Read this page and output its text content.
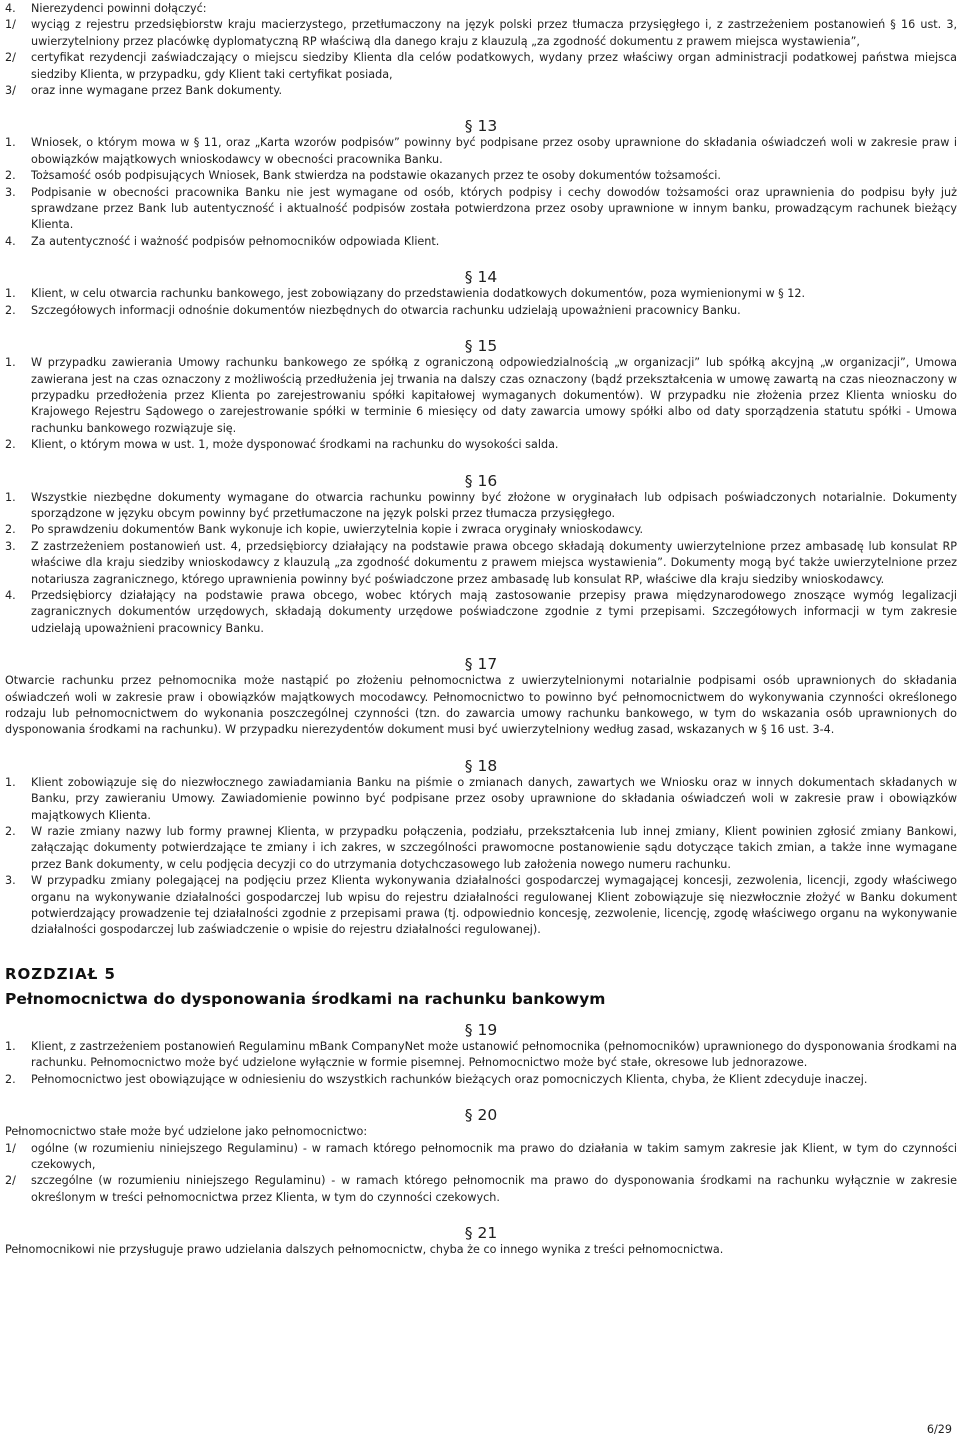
4. Nierezydenci powinni dołączyć:
1/ wyciąg z rejestru przedsiębiorstw kraju macierzystego, przetłumaczony na język polski przez tłumacza przysięgłego i, z zastrzeżeniem postanowień § 16 ust. 3, uwierzytelniony przez placówkę dyplomatyczną RP właściwą dla danego kraju z klauzulą „za zgodność dokumentu z prawem miejsca wystawienia”,
2/ certyfikat rezydencji zaświadczający o miejscu siedziby Klienta dla celów podatkowych, wydany przez właściwy organ administracji podatkowej państwa miejsca siedziby Klienta, w przypadku, gdy Klient taki certyfikat posiada,
3/ oraz inne wymagane przez Bank dokumenty.
§ 13
1. Wniosek, o którym mowa w § 11, oraz „Karta wzorów podpisów” powinny być podpisane przez osoby uprawnione do składania oświadczeń woli w zakresie praw i obowiązków majątkowych wnioskodawcy w obecności pracownika Banku.
2. Tożsamość osób podpisujących Wniosek, Bank stwierdza na podstawie okazanych przez te osoby dokumentów tożsamości.
3. Podpisanie w obecności pracownika Banku nie jest wymagane od osób, których podpisy i cechy dowodów tożsamości oraz uprawnienia do podpisu były już sprawdzane przez Bank lub autentyczność i aktualność podpisów została potwierdzona przez osoby uprawnione w innym banku, prowadzącym rachunek bieżący Klienta.
4. Za autentyczność i ważność podpisów pełnomocników odpowiada Klient.
§ 14
1. Klient, w celu otwarcia rachunku bankowego, jest zobowiązany do przedstawienia dodatkowych dokumentów, poza wymienionymi w § 12.
2. Szczegółowych informacji odnośnie dokumentów niezbędnych do otwarcia rachunku udzielają upoważnieni pracownicy Banku.
§ 15
1. W przypadku zawierania Umowy rachunku bankowego ze spółką z ograniczoną odpowiedzialnością „w organizacji” lub spółką akcyjną „w organizacji”, Umowa zawierana jest na czas oznaczony z możliwością przedłużenia jej trwania na dalszy czas oznaczony (bądź przekształcenia w umowę zawartą na czas nieoznaczony w przypadku przedłożenia przez Klienta po zarejestrowaniu spółki kapitałowej wymaganych dokumentów). W przypadku nie złożenia przez Klienta wniosku do Krajowego Rejestru Sądowego o zarejestrowanie spółki w terminie 6 miesięcy od daty zawarcia umowy spółki albo od daty sporządzenia statutu spółki - Umowa rachunku bankowego rozwiązuje się.
2. Klient, o którym mowa w ust. 1, może dysponować środkami na rachunku do wysokości salda.
§ 16
1. Wszystkie niezbędne dokumenty wymagane do otwarcia rachunku powinny być złożone w oryginałach lub odpisach poświadczonych notarialnie. Dokumenty sporządzone w języku obcym powinny być przetłumaczone na język polski przez tłumacza przysięgłego.
2. Po sprawdzeniu dokumentów Bank wykonuje ich kopie, uwierzytelnia kopie i zwraca oryginały wnioskodawcy.
3. Z zastrzeżeniem postanowień ust. 4, przedsiębiorcy działający na podstawie prawa obcego składają dokumenty uwierzytelnione przez ambasadę lub konsulat RP właściwe dla kraju siedziby wnioskodawcy z klauzulą „za zgodność dokumentu z prawem miejsca wystawienia”. Dokumenty mogą być także uwierzytelnione przez notariusza zagranicznego, którego uprawnienia powinny być poświadczone przez ambasadę lub konsulat RP, właściwe dla kraju siedziby wnioskodawcy.
4. Przedsiębiorcy działający na podstawie prawa obcego, wobec których mają zastosowanie przepisy prawa międzynarodowego znoszące wymóg legalizacji zagranicznych dokumentów urzędowych, składają dokumenty urzędowe poświadczone zgodnie z tymi przepisami. Szczegółowych informacji w tym zakresie udzielają upoważnieni pracownicy Banku.
§ 17
Otwarcie rachunku przez pełnomocnika może nastąpić po złożeniu pełnomocnictwa z uwierzytelnionymi notarialnie podpisami osób uprawnionych do składania oświadczeń woli w zakresie praw i obowiązków majątkowych mocodawcy. Pełnomocnictwo to powinno być pełnomocnictwem do wykonywania czynności określonego rodzaju lub pełnomocnictwem do wykonania poszczególnej czynności (tzn. do zawarcia umowy rachunku bankowego, w tym do wskazania osób uprawnionych do dysponowania środkami na rachunku). W przypadku nierezydentów dokument musi być uwierzytelniony według zasad, wskazanych w § 16 ust. 3-4.
§ 18
1. Klient zobowiązuje się do niezwłocznego zawiadamiania Banku na piśmie o zmianach danych, zawartych we Wniosku oraz w innych dokumentach składanych w Banku, przy zawieraniu Umowy. Zawiadomienie powinno być podpisane przez osoby uprawnione do składania oświadczeń woli w zakresie praw i obowiązków majątkowych Klienta.
2. W razie zmiany nazwy lub formy prawnej Klienta, w przypadku połączenia, podziału, przekształcenia lub innej zmiany, Klient powinien zgłosić zmiany Bankowi, załączając dokumenty potwierdzające te zmiany i ich zakres, w szczególności prawomocne postanowienie sądu dotyczące takich zmian, a także inne wymagane przez Bank dokumenty, w celu podjęcia decyzji co do utrzymania dotychczasowego lub założenia nowego numeru rachunku.
3. W przypadku zmiany polegającej na podjęciu przez Klienta wykonywania działalności gospodarczej wymagającej koncesji, zezwolenia, licencji, zgody właściwego organu na wykonywanie działalności gospodarczej lub wpisu do rejestru działalności regulowanej Klient zobowiązuje się niezwłocznie złożyć w Banku dokument potwierdzający prowadzenie tej działalności zgodnie z przepisami prawa (tj. odpowiednio koncesję, zezwolenie, licencję, zgodę właściwego organu na wykonywanie działalności gospodarczej lub zaświadczenie o wpisie do rejestru działalności regulowanej).
ROZDZIAŁ 5
Pełnomocnictwa do dysponowania środkami na rachunku bankowym
§ 19
1. Klient, z zastrzeżeniem postanowień Regulaminu mBank CompanyNet może ustanowić pełnomocnika (pełnomocników) uprawnionego do dysponowania środkami na rachunku. Pełnomocnictwo może być udzielone wyłącznie w formie pisemnej. Pełnomocnictwo może być stałe, okresowe lub jednorazowe.
2. Pełnomocnictwo jest obowiązujące w odniesieniu do wszystkich rachunków bieżących oraz pomocniczych Klienta, chyba, że Klient zdecyduje inaczej.
§ 20
Pełnomocnictwo stałe może być udzielone jako pełnomocnictwo:
1/ ogólne (w rozumieniu niniejszego Regulaminu) - w ramach którego pełnomocnik ma prawo do działania w takim samym zakresie jak Klient, w tym do czynności czekowych,
2/ szczególne (w rozumieniu niniejszego Regulaminu) - w ramach którego pełnomocnik ma prawo do dysponowania środkami na rachunku wyłącznie w zakresie określonym w treści pełnomocnictwa przez Klienta, w tym do czynności czekowych.
§ 21
Pełnomocnikowi nie przysługuje prawo udzielania dalszych pełnomocnictw, chyba że co innego wynika z treści pełnomocnictwa.
6/29
